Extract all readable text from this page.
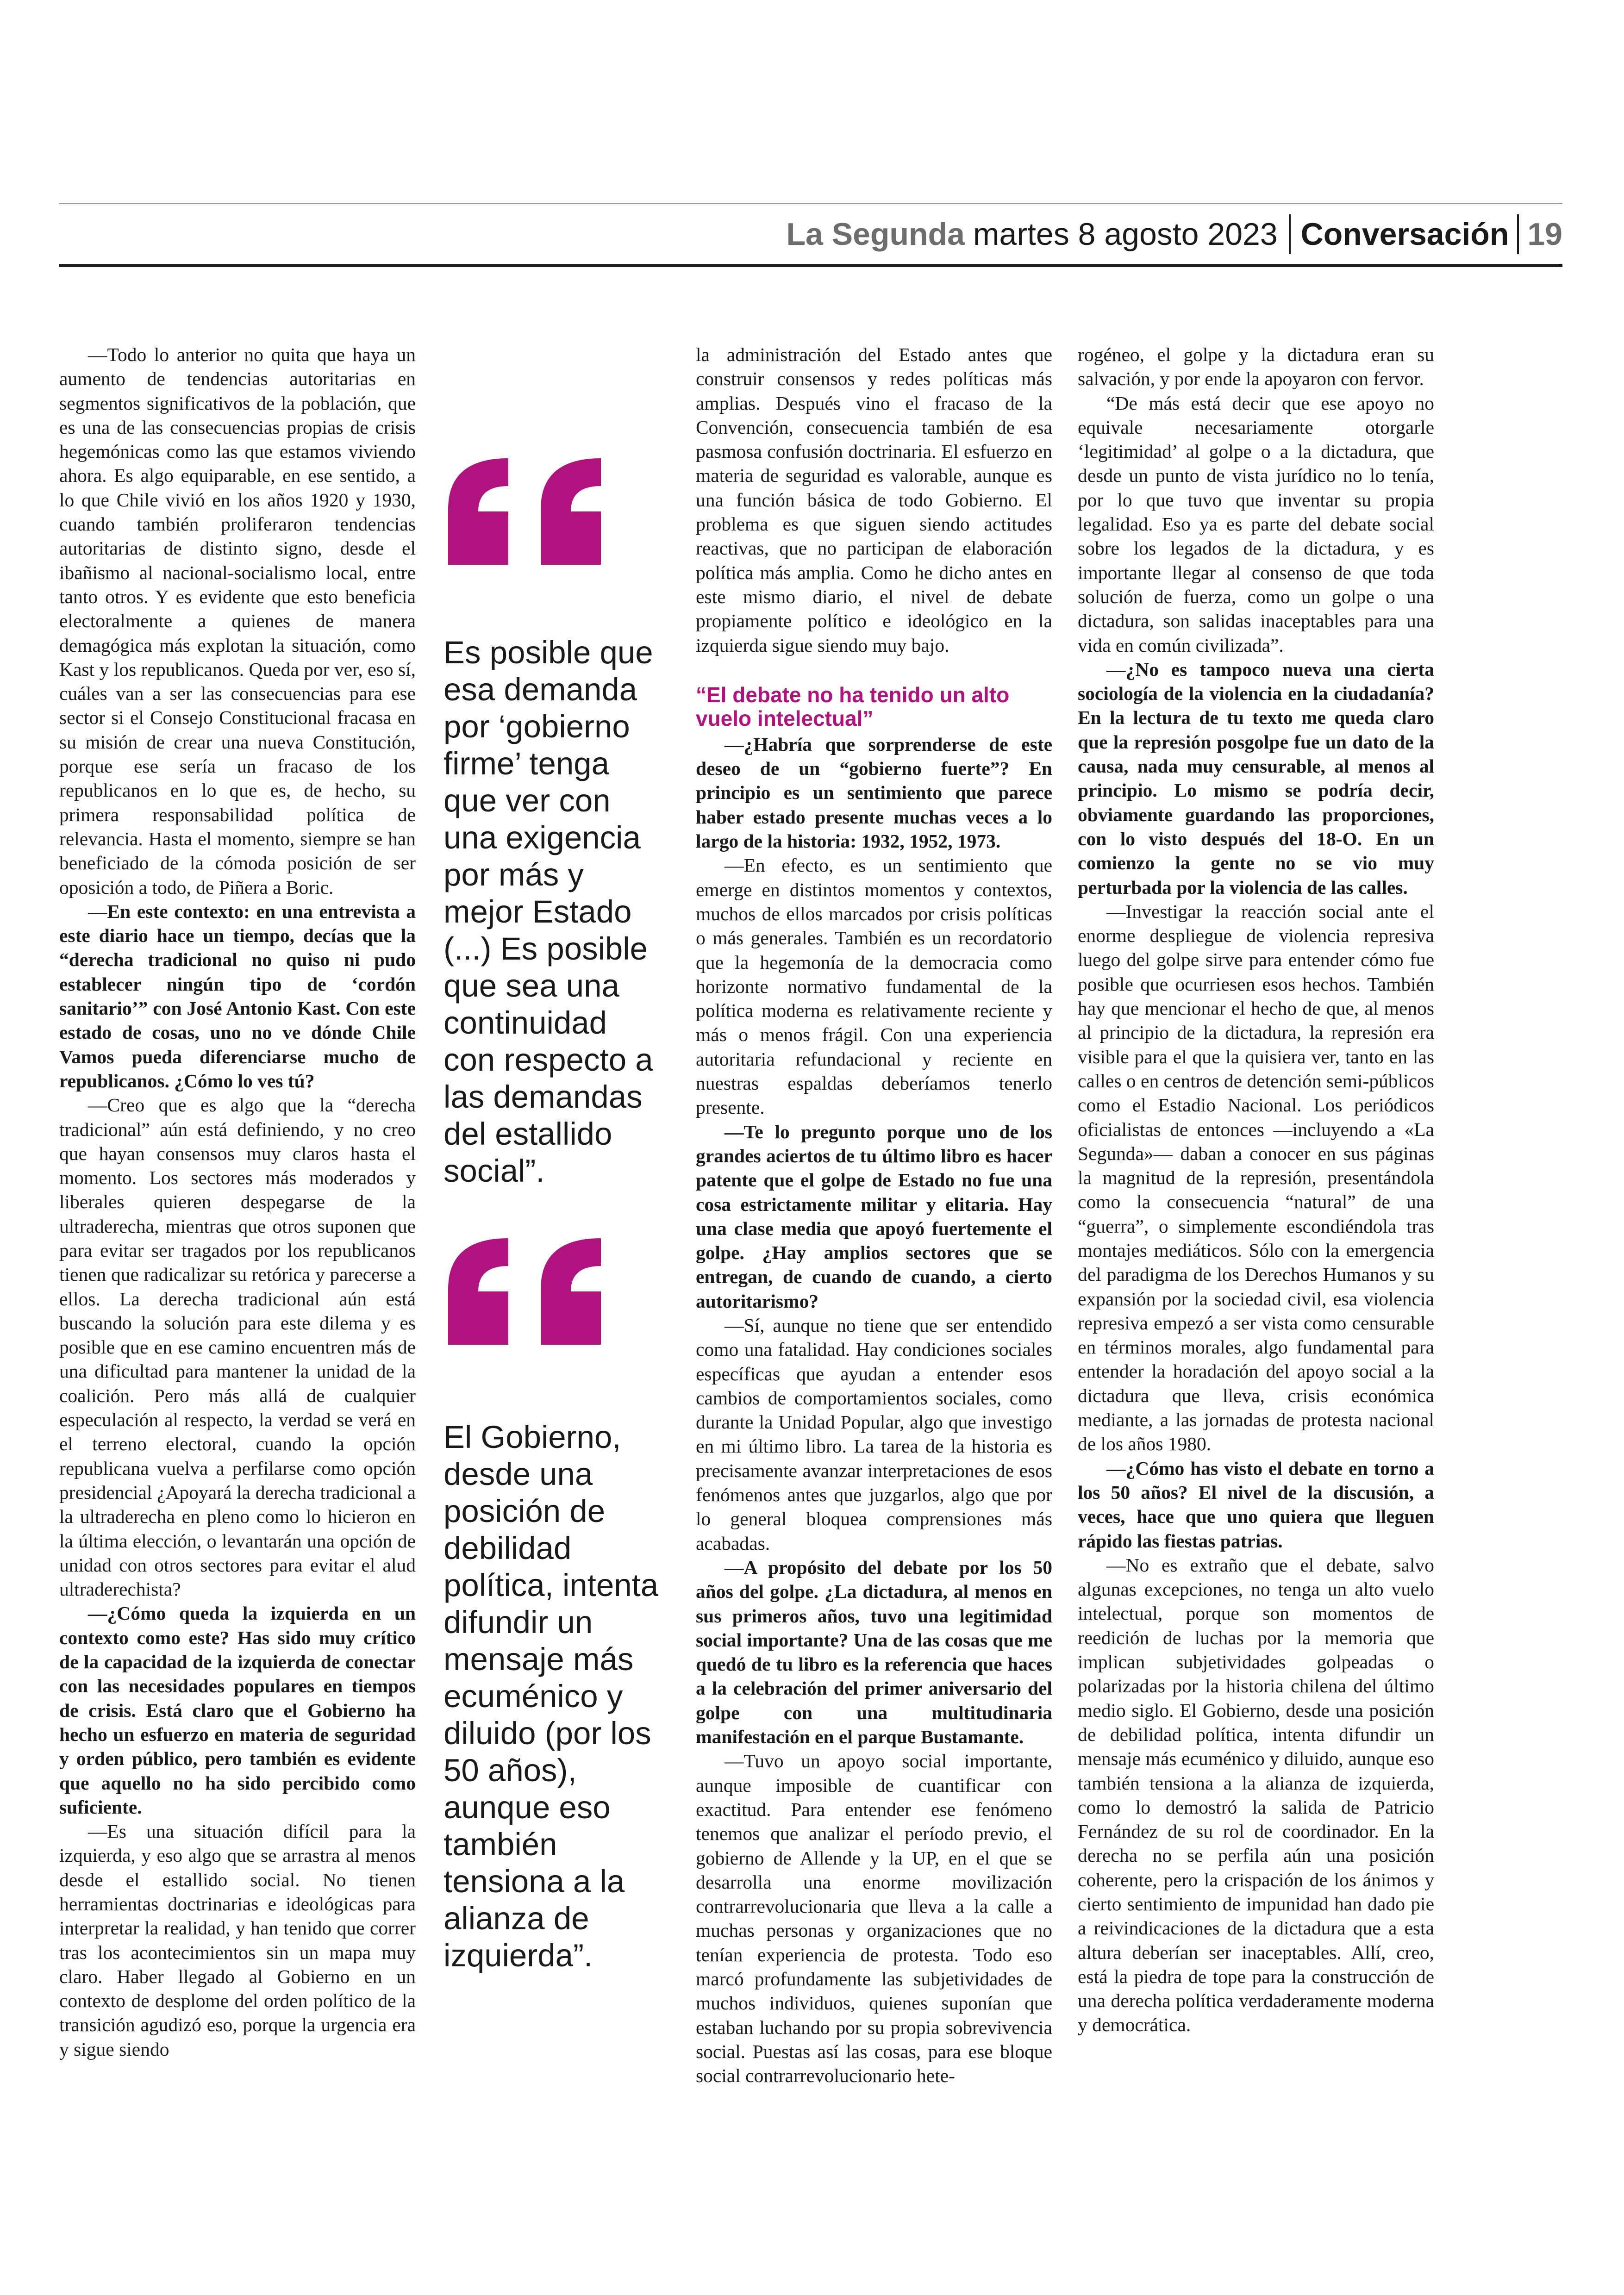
La Segunda martes 8 agosto 2023 Conversación 19

—Todo lo anterior no quita que haya un aumento de tendencias autoritarias en segmentos significativos de la población, que es una de las consecuencias propias de crisis hegemónicas como las que estamos viviendo ahora. Es algo equiparable, en ese sentido, a lo que Chile vivió en los años 1920 y 1930, cuando también proliferaron tendencias autoritarias de distinto signo, desde el ibañismo al nacional-socialismo local, entre tanto otros. Y es evidente que esto beneficia electoralmente a quienes de manera demagógica más explotan la situación, como Kast y los republicanos. Queda por ver, eso sí, cuáles van a ser las consecuencias para ese sector si el Consejo Constitucional fracasa en su misión de crear una nueva Constitución, porque ese sería un fracaso de los republicanos en lo que es, de hecho, su primera responsabilidad política de relevancia. Hasta el momento, siempre se han beneficiado de la cómoda posición de ser oposición a todo, de Piñera a Boric.

—En este contexto: en una entrevista a este diario hace un tiempo, decías que la “derecha tradicional no quiso ni pudo establecer ningún tipo de ‘cordón sanitario’” con José Antonio Kast. Con este estado de cosas, uno no ve dónde Chile Vamos pueda diferenciarse mucho de republicanos. ¿Cómo lo ves tú?

—Creo que es algo que la “derecha tradicional” aún está definiendo, y no creo que hayan consensos muy claros hasta el momento. Los sectores más moderados y liberales quieren despegarse de la ultraderecha, mientras que otros suponen que para evitar ser tragados por los republicanos tienen que radicalizar su retórica y parecerse a ellos. La derecha tradicional aún está buscando la solución para este dilema y es posible que en ese camino encuentren más de una dificultad para mantener la unidad de la coalición. Pero más allá de cualquier especulación al respecto, la verdad se verá en el terreno electoral, cuando la opción republicana vuelva a perfilarse como opción presidencial ¿Apoyará la derecha tradicional a la ultraderecha en pleno como lo hicieron en la última elección, o levantarán una opción de unidad con otros sectores para evitar el alud ultraderechista?

—¿Cómo queda la izquierda en un contexto como este? Has sido muy crítico de la capacidad de la izquierda de conectar con las necesidades populares en tiempos de crisis. Está claro que el Gobierno ha hecho un esfuerzo en materia de seguridad y orden público, pero también es evidente que aquello no ha sido percibido como suficiente.

—Es una situación difícil para la izquierda, y eso algo que se arrastra al menos desde el estallido social. No tienen herramientas doctrinarias e ideológicas para interpretar la realidad, y han tenido que correr tras los acontecimientos sin un mapa muy claro. Haber llegado al Gobierno en un contexto de desplome del orden político de la transición agudizó eso, porque la urgencia era y sigue siendo

Es posible que esa demanda por ‘gobierno firme’ tenga que ver con una exigencia por más y mejor Estado (...) Es posible que sea una continuidad con respecto a las demandas del estallido social”.
El Gobierno, desde una posición de debilidad política, intenta difundir un mensaje más ecuménico y diluido (por los 50 años), aunque eso también tensiona a la alianza de izquierda”.

la administración del Estado antes que construir consensos y redes políticas más amplias. Después vino el fracaso de la Convención, consecuencia también de esa pasmosa confusión doctrinaria. El esfuerzo en materia de seguridad es valorable, aunque es una función básica de todo Gobierno. El problema es que siguen siendo actitudes reactivas, que no participan de elaboración política más amplia. Como he dicho antes en este mismo diario, el nivel de debate propiamente político e ideológico en la izquierda sigue siendo muy bajo.

“El debate no ha tenido un alto vuelo intelectual”

—¿Habría que sorprenderse de este deseo de un “gobierno fuerte”? En principio es un sentimiento que parece haber estado presente muchas veces a lo largo de la historia: 1932, 1952, 1973.

—En efecto, es un sentimiento que emerge en distintos momentos y contextos, muchos de ellos marcados por crisis políticas o más generales. También es un recordatorio que la hegemonía de la democracia como horizonte normativo fundamental de la política moderna es relativamente reciente y más o menos frágil. Con una experiencia autoritaria refundacional y reciente en nuestras espaldas deberíamos tenerlo presente.

—Te lo pregunto porque uno de los grandes aciertos de tu último libro es hacer patente que el golpe de Estado no fue una cosa estrictamente militar y elitaria. Hay una clase media que apoyó fuertemente el golpe. ¿Hay amplios sectores que se entregan, de cuando de cuando, a cierto autoritarismo?

—Sí, aunque no tiene que ser entendido como una fatalidad. Hay condiciones sociales específicas que ayudan a entender esos cambios de comportamientos sociales, como durante la Unidad Popular, algo que investigo en mi último libro. La tarea de la historia es precisamente avanzar interpretaciones de esos fenómenos antes que juzgarlos, algo que por lo general bloquea comprensiones más acabadas.

—A propósito del debate por los 50 años del golpe. ¿La dictadura, al menos en sus primeros años, tuvo una legitimidad social importante? Una de las cosas que me quedó de tu libro es la referencia que haces a la celebración del primer aniversario del golpe con una multitudinaria manifestación en el parque Bustamante.

—Tuvo un apoyo social importante, aunque imposible de cuantificar con exactitud. Para entender ese fenómeno tenemos que analizar el período previo, el gobierno de Allende y la UP, en el que se desarrolla una enorme movilización contrarrevolucionaria que lleva a la calle a muchas personas y organizaciones que no tenían experiencia de protesta. Todo eso marcó profundamente las subjetividades de muchos individuos, quienes suponían que estaban luchando por su propia sobrevivencia social. Puestas así las cosas, para ese bloque social contrarrevolucionario hete-

rogéneo, el golpe y la dictadura eran su salvación, y por ende la apoyaron con fervor.

“De más está decir que ese apoyo no equivale necesariamente otorgarle ‘legitimidad’ al golpe o a la dictadura, que desde un punto de vista jurídico no lo tenía, por lo que tuvo que inventar su propia legalidad. Eso ya es parte del debate social sobre los legados de la dictadura, y es importante llegar al consenso de que toda solución de fuerza, como un golpe o una dictadura, son salidas inaceptables para una vida en común civilizada”.

—¿No es tampoco nueva una cierta sociología de la violencia en la ciudadanía? En la lectura de tu texto me queda claro que la represión posgolpe fue un dato de la causa, nada muy censurable, al menos al principio. Lo mismo se podría decir, obviamente guardando las proporciones, con lo visto después del 18-O. En un comienzo la gente no se vio muy perturbada por la violencia de las calles.

—Investigar la reacción social ante el enorme despliegue de violencia represiva luego del golpe sirve para entender cómo fue posible que ocurriesen esos hechos. También hay que mencionar el hecho de que, al menos al principio de la dictadura, la represión era visible para el que la quisiera ver, tanto en las calles o en centros de detención semi-públicos como el Estadio Nacional. Los periódicos oficialistas de entonces —incluyendo a «La Segunda»— daban a conocer en sus páginas la magnitud de la represión, presentándola como la consecuencia “natural” de una “guerra”, o simplemente escondiéndola tras montajes mediáticos. Sólo con la emergencia del paradigma de los Derechos Humanos y su expansión por la sociedad civil, esa violencia represiva empezó a ser vista como censurable en términos morales, algo fundamental para entender la horadación del apoyo social a la dictadura que lleva, crisis económica mediante, a las jornadas de protesta nacional de los años 1980.

—¿Cómo has visto el debate en torno a los 50 años? El nivel de la discusión, a veces, hace que uno quiera que lleguen rápido las fiestas patrias.

—No es extraño que el debate, salvo algunas excepciones, no tenga un alto vuelo intelectual, porque son momentos de reedición de luchas por la memoria que implican subjetividades golpeadas o polarizadas por la historia chilena del último medio siglo. El Gobierno, desde una posición de debilidad política, intenta difundir un mensaje más ecuménico y diluido, aunque eso también tensiona a la alianza de izquierda, como lo demostró la salida de Patricio Fernández de su rol de coordinador. En la derecha no se perfila aún una posición coherente, pero la crispación de los ánimos y cierto sentimiento de impunidad han dado pie a reivindicaciones de la dictadura que a esta altura deberían ser inaceptables. Allí, creo, está la piedra de tope para la construcción de una derecha política verdaderamente moderna y democrática.
